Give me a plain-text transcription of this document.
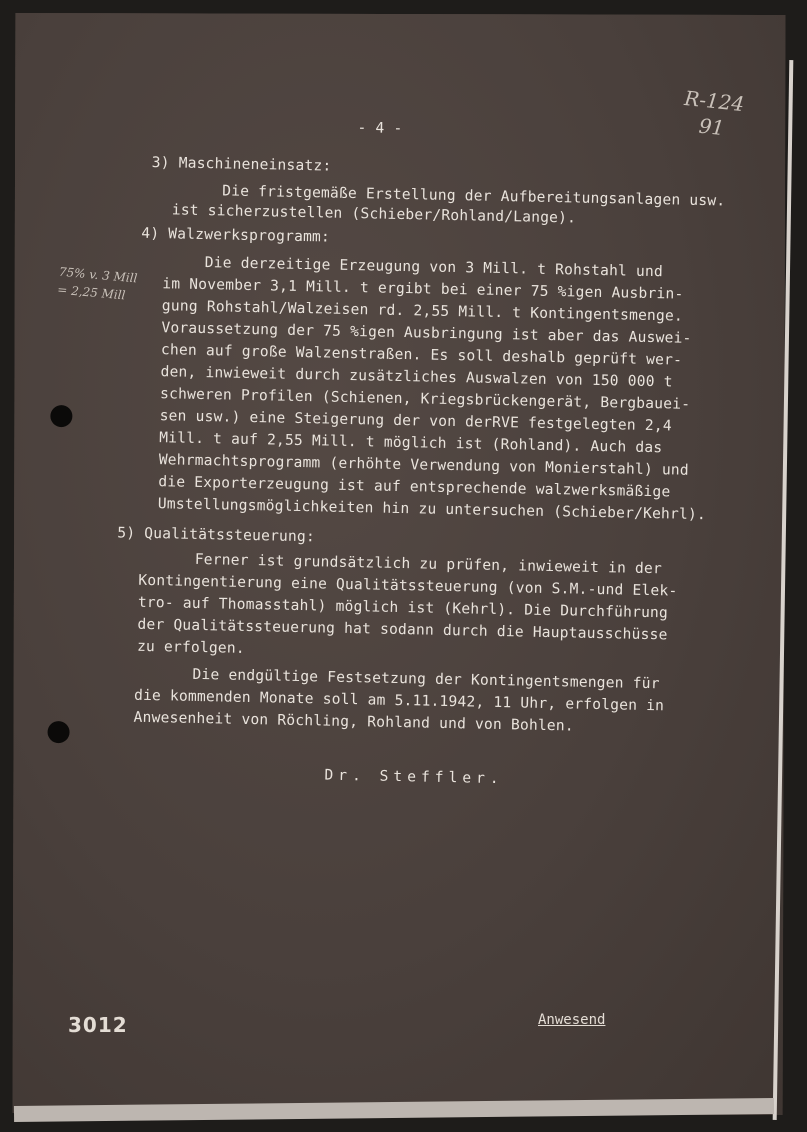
R-124
91
75% v. 3 Mill
= 2,25 Mill
- 4 -
3) Maschineneinsatz:
Die fristgemäße Erstellung der Aufbereitungsanlagen usw.
ist sicherzustellen (Schieber/Rohland/Lange).
4) Walzwerksprogramm:
Die derzeitige Erzeugung von 3 Mill. t Rohstahl und
im November 3,1 Mill. t ergibt bei einer 75 %igen Ausbrin-
gung Rohstahl/Walzeisen rd. 2,55 Mill. t Kontingentsmenge.
Voraussetzung der 75 %igen Ausbringung ist aber das Auswei-
chen auf große Walzenstraßen. Es soll deshalb geprüft wer-
den, inwieweit durch zusätzliches Auswalzen von 150 000 t
schweren Profilen (Schienen, Kriegsbrückengerät, Bergbauei-
sen usw.) eine Steigerung der von derRVE festgelegten 2,4
Mill. t auf 2,55 Mill. t möglich ist (Rohland). Auch das
Wehrmachtsprogramm (erhöhte Verwendung von Monierstahl) und
die Exporterzeugung ist auf entsprechende walzwerksmäßige
Umstellungsmöglichkeiten hin zu untersuchen (Schieber/Kehrl).
5) Qualitätssteuerung:
Ferner ist grundsätzlich zu prüfen, inwieweit in der
Kontingentierung eine Qualitätssteuerung (von S.M.-und Elek-
tro- auf Thomasstahl) möglich ist (Kehrl). Die Durchführung
der Qualitätssteuerung hat sodann durch die Hauptausschüsse
zu erfolgen.
Die endgültige Festsetzung der Kontingentsmengen für
die kommenden Monate soll am 5.11.1942, 11 Uhr, erfolgen in
Anwesenheit von Röchling, Rohland und von Bohlen.
Dr. Steffler.
3012	Anwesend
